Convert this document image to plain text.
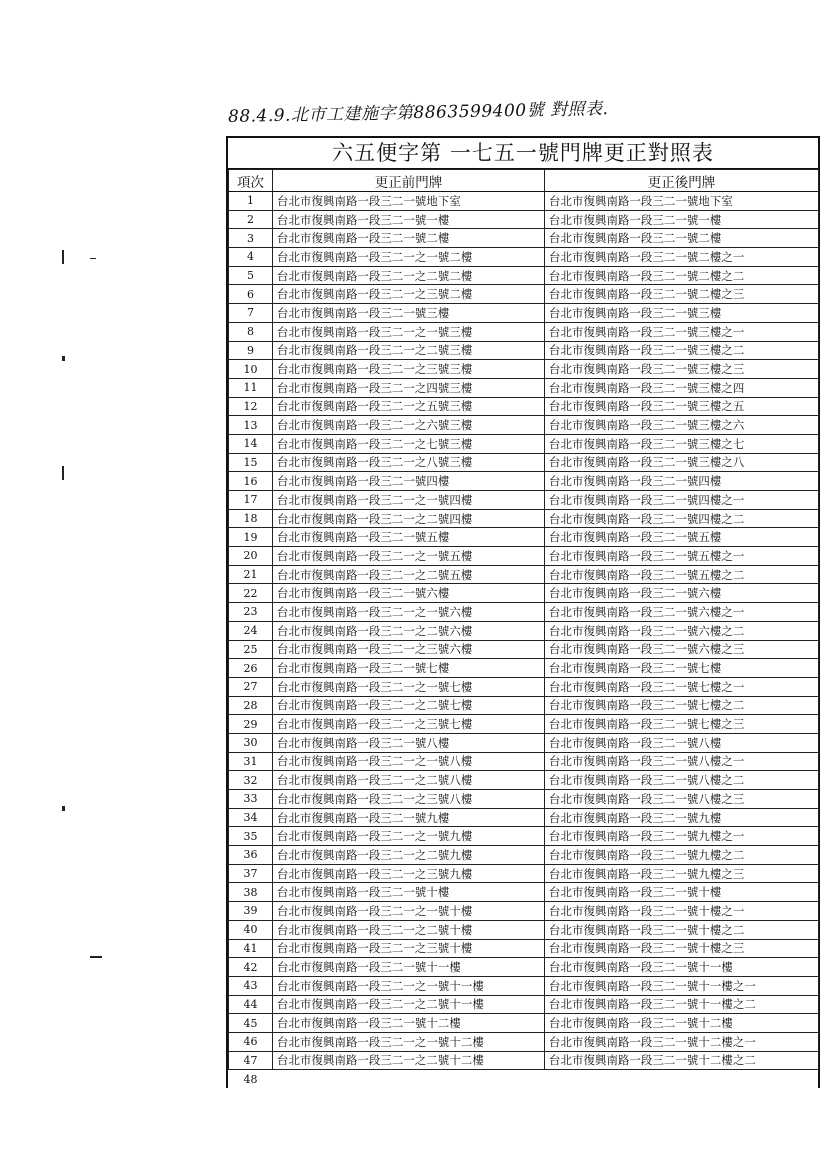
88.4.9.北市工建施字第8863599400號 對照表.
六五便字第 一七五一號門牌更正對照表
項次	更正前門牌	更正後門牌
1	台北市復興南路一段三二一號地下室	台北市復興南路一段三二一號地下室
2	台北市復興南路一段三二一號一樓	台北市復興南路一段三二一號一樓
3	台北市復興南路一段三二一號二樓	台北市復興南路一段三二一號二樓
4	台北市復興南路一段三二一之一號二樓	台北市復興南路一段三二一號二樓之一
5	台北市復興南路一段三二一之二號二樓	台北市復興南路一段三二一號二樓之二
6	台北市復興南路一段三二一之三號二樓	台北市復興南路一段三二一號二樓之三
7	台北市復興南路一段三二一號三樓	台北市復興南路一段三二一號三樓
8	台北市復興南路一段三二一之一號三樓	台北市復興南路一段三二一號三樓之一
9	台北市復興南路一段三二一之二號三樓	台北市復興南路一段三二一號三樓之二
10	台北市復興南路一段三二一之三號三樓	台北市復興南路一段三二一號三樓之三
11	台北市復興南路一段三二一之四號三樓	台北市復興南路一段三二一號三樓之四
12	台北市復興南路一段三二一之五號三樓	台北市復興南路一段三二一號三樓之五
13	台北市復興南路一段三二一之六號三樓	台北市復興南路一段三二一號三樓之六
14	台北市復興南路一段三二一之七號三樓	台北市復興南路一段三二一號三樓之七
15	台北市復興南路一段三二一之八號三樓	台北市復興南路一段三二一號三樓之八
16	台北市復興南路一段三二一號四樓	台北市復興南路一段三二一號四樓
17	台北市復興南路一段三二一之一號四樓	台北市復興南路一段三二一號四樓之一
18	台北市復興南路一段三二一之二號四樓	台北市復興南路一段三二一號四樓之二
19	台北市復興南路一段三二一號五樓	台北市復興南路一段三二一號五樓
20	台北市復興南路一段三二一之一號五樓	台北市復興南路一段三二一號五樓之一
21	台北市復興南路一段三二一之二號五樓	台北市復興南路一段三二一號五樓之二
22	台北市復興南路一段三二一號六樓	台北市復興南路一段三二一號六樓
23	台北市復興南路一段三二一之一號六樓	台北市復興南路一段三二一號六樓之一
24	台北市復興南路一段三二一之二號六樓	台北市復興南路一段三二一號六樓之二
25	台北市復興南路一段三二一之三號六樓	台北市復興南路一段三二一號六樓之三
26	台北市復興南路一段三二一號七樓	台北市復興南路一段三二一號七樓
27	台北市復興南路一段三二一之一號七樓	台北市復興南路一段三二一號七樓之一
28	台北市復興南路一段三二一之二號七樓	台北市復興南路一段三二一號七樓之二
29	台北市復興南路一段三二一之三號七樓	台北市復興南路一段三二一號七樓之三
30	台北市復興南路一段三二一號八樓	台北市復興南路一段三二一號八樓
31	台北市復興南路一段三二一之一號八樓	台北市復興南路一段三二一號八樓之一
32	台北市復興南路一段三二一之二號八樓	台北市復興南路一段三二一號八樓之二
33	台北市復興南路一段三二一之三號八樓	台北市復興南路一段三二一號八樓之三
34	台北市復興南路一段三二一號九樓	台北市復興南路一段三二一號九樓
35	台北市復興南路一段三二一之一號九樓	台北市復興南路一段三二一號九樓之一
36	台北市復興南路一段三二一之二號九樓	台北市復興南路一段三二一號九樓之二
37	台北市復興南路一段三二一之三號九樓	台北市復興南路一段三二一號九樓之三
38	台北市復興南路一段三二一號十樓	台北市復興南路一段三二一號十樓
39	台北市復興南路一段三二一之一號十樓	台北市復興南路一段三二一號十樓之一
40	台北市復興南路一段三二一之二號十樓	台北市復興南路一段三二一號十樓之二
41	台北市復興南路一段三二一之三號十樓	台北市復興南路一段三二一號十樓之三
42	台北市復興南路一段三二一號十一樓	台北市復興南路一段三二一號十一樓
43	台北市復興南路一段三二一之一號十一樓	台北市復興南路一段三二一號十一樓之一
44	台北市復興南路一段三二一之二號十一樓	台北市復興南路一段三二一號十一樓之二
45	台北市復興南路一段三二一號十二樓	台北市復興南路一段三二一號十二樓
46	台北市復興南路一段三二一之一號十二樓	台北市復興南路一段三二一號十二樓之一
47	台北市復興南路一段三二一之二號十二樓	台北市復興南路一段三二一號十二樓之二
48		
